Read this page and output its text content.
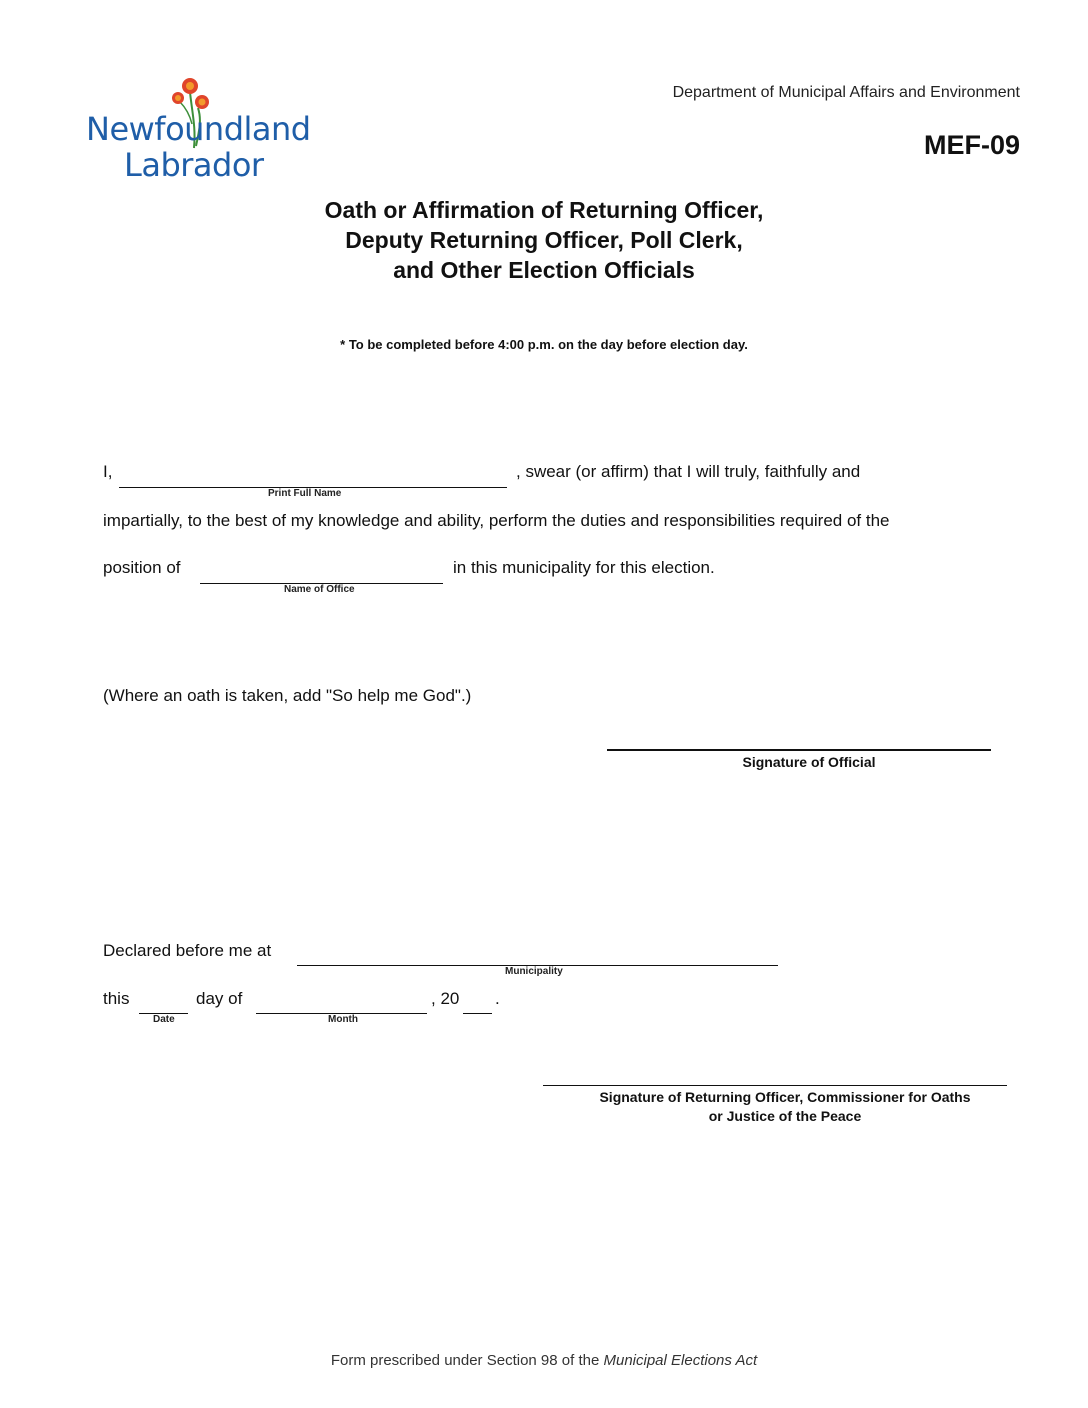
Newfoundland
Labrador
Department of Municipal Affairs and Environment
MEF-09
Oath or Affirmation of Returning Officer,
Deputy Returning Officer, Poll Clerk,
and Other Election Officials
* To be completed before 4:00 p.m. on the day before election day.
I,
Print Full Name
, swear (or affirm) that I will truly, faithfully and
impartially, to the best of my knowledge and ability, perform the duties and responsibilities required of the
position of
Name of Office
in this municipality for this election.
(Where an oath is taken, add "So help me God".)
Signature of Official
Declared before me at
Municipality
this
Date
day of
Month
, 20 .
Signature of Returning Officer, Commissioner for Oaths
or Justice of the Peace
Form prescribed under Section 98 of the Municipal Elections Act
